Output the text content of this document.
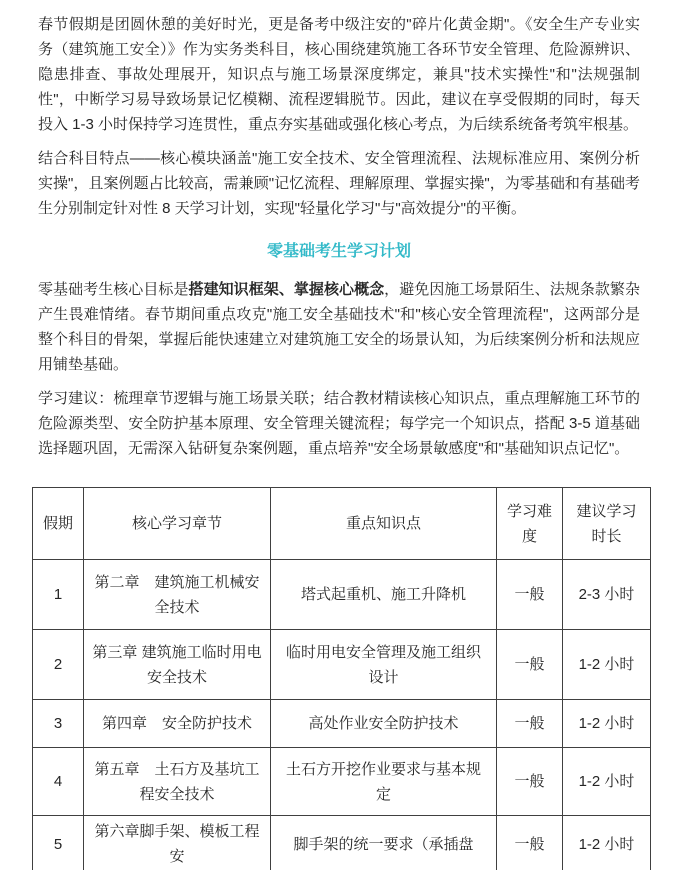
春节假期是团圆休憩的美好时光，更是备考中级注安的"碎片化黄金期"。《安全生产专业实务（建筑施工安全）》作为实务类科目，核心围绕建筑施工各环节安全管理、危险源辨识、隐患排查、事故处理展开，知识点与施工场景深度绑定，兼具"技术实操性"和"法规强制性"，中断学习易导致场景记忆模糊、流程逻辑脱节。因此，建议在享受假期的同时，每天投入 1-3 小时保持学习连贯性，重点夯实基础或强化核心考点，为后续系统备考筑牢根基。

结合科目特点——核心模块涵盖"施工安全技术、安全管理流程、法规标准应用、案例分析实操"，且案例题占比较高，需兼顾"记忆流程、理解原理、掌握实操"，为零基础和有基础考生分别制定针对性 8 天学习计划，实现"轻量化学习"与"高效提分"的平衡。

零基础考生学习计划

零基础考生核心目标是搭建知识框架、掌握核心概念，避免因施工场景陌生、法规条款繁杂产生畏难情绪。春节期间重点攻克"施工安全基础技术"和"核心安全管理流程"，这两部分是整个科目的骨架，掌握后能快速建立对建筑施工安全的场景认知，为后续案例分析和法规应用铺垫基础。

学习建议：梳理章节逻辑与施工场景关联；结合教材精读核心知识点，重点理解施工环节的危险源类型、安全防护基本原理、安全管理关键流程；每学完一个知识点，搭配 3-5 道基础选择题巩固，无需深入钻研复杂案例题，重点培养"安全场景敏感度"和"基础知识点记忆"。

假期	核心学习章节	重点知识点	学习难度	建议学习时长
1	第二章　建筑施工机械安全技术	塔式起重机、施工升降机	一般	2-3 小时
2	第三章 建筑施工临时用电安全技术	临时用电安全管理及施工组织设计	一般	1-2 小时
3	第四章　安全防护技术	高处作业安全防护技术	一般	1-2 小时
4	第五章　土石方及基坑工程安全技术	土石方开挖作业要求与基本规定	一般	1-2 小时
5	第六章脚手架、模板工程安	脚手架的统一要求（承插盘	一般	1-2 小时
